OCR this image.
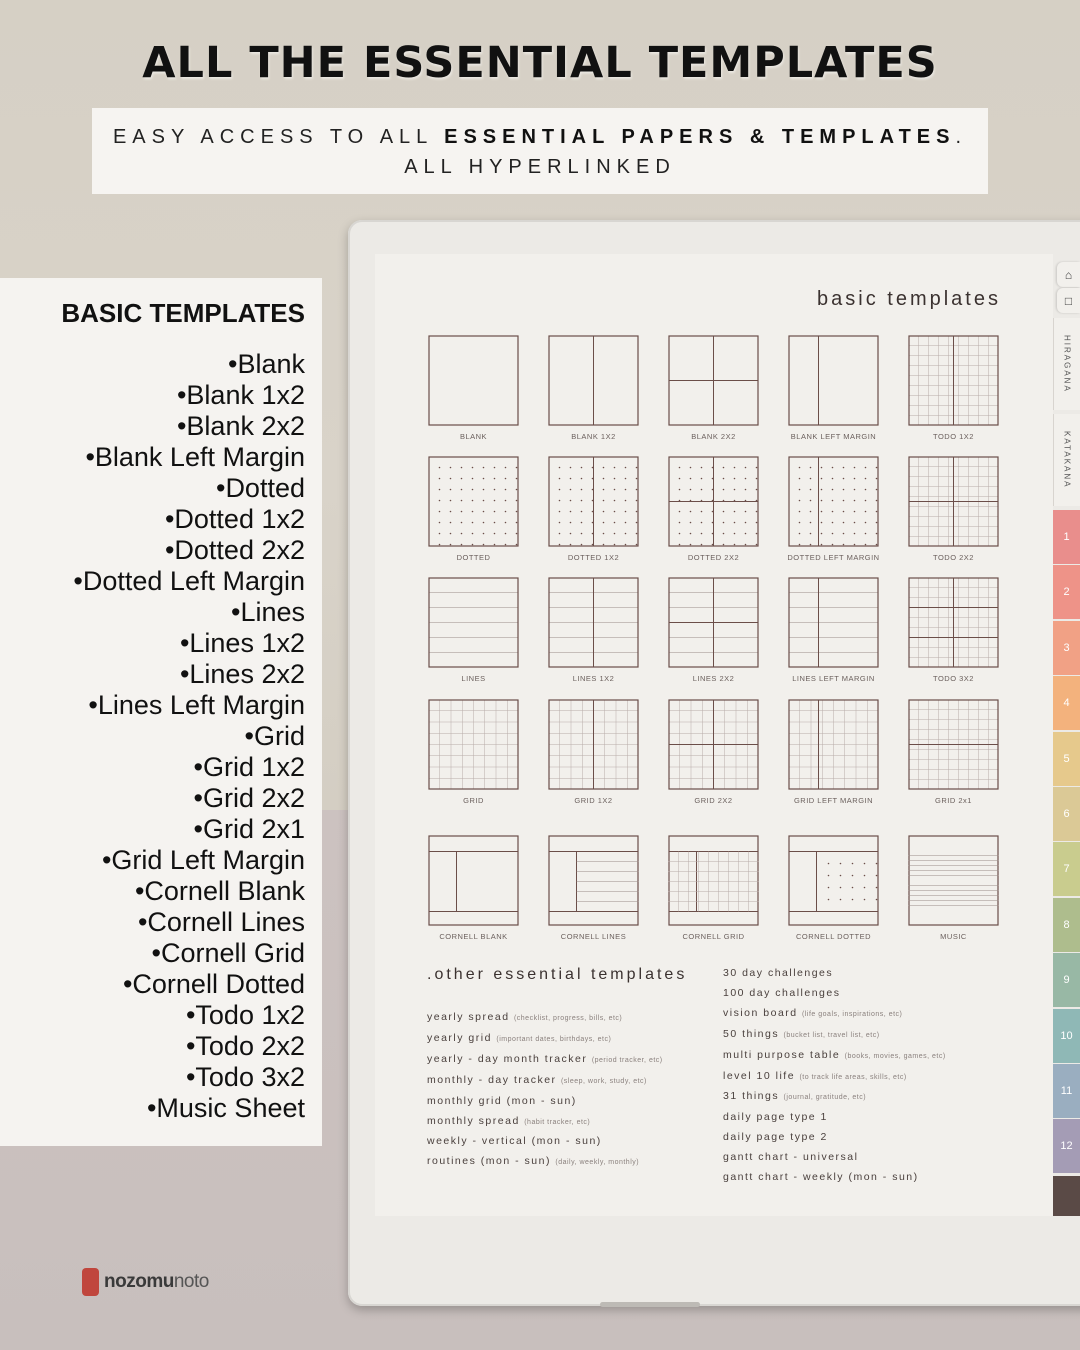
ALL THE ESSENTIAL TEMPLATES
EASY ACCESS TO ALL ESSENTIAL PAPERS & TEMPLATES.
ALL HYPERLINKED
BASIC TEMPLATES
• Blank
• Blank 1x2
• Blank 2x2
• Blank Left Margin
• Dotted
• Dotted 1x2
• Dotted 2x2
• Dotted Left Margin
• Lines
• Lines 1x2
• Lines 2x2
• Lines Left Margin
• Grid
• Grid 1x2
• Grid 2x2
• Grid 2x1
• Grid Left Margin
• Cornell Blank
• Cornell Lines
• Cornell Grid
• Cornell Dotted
• Todo 1x2
• Todo 2x2
• Todo 3x2
• Music Sheet
nozomunoto
basic templates
.other essential templates
yearly spread (checklist, progress, bills, etc)
yearly grid (important dates, birthdays, etc)
yearly - day month tracker (period tracker, etc)
monthly - day tracker (sleep, work, study, etc)
monthly grid (mon - sun)
monthly spread (habit tracker, etc)
weekly - vertical (mon - sun)
routines (mon - sun) (daily, weekly, monthly)
30 day challenges
100 day challenges
vision board (life goals, inspirations, etc)
50 things (bucket list, travel list, etc)
multi purpose table (books, movies, games, etc)
level 10 life (to track life areas, skills, etc)
31 things (journal, gratitude, etc)
daily page type 1
daily page type 2
gantt chart - universal
gantt chart - weekly (mon - sun)
BLANK	BLANK 1X2	BLANK 2X2	BLANK LEFT MARGIN	TODO 1X2
DOTTED	DOTTED 1X2	DOTTED 2X2	DOTTED LEFT MARGIN	TODO 2X2
LINES	LINES 1X2	LINES 2X2	LINES LEFT MARGIN	TODO 3X2
GRID	GRID 1X2	GRID 2X2	GRID LEFT MARGIN	GRID 2x1
CORNELL BLANK	CORNELL LINES	CORNELL GRID	CORNELL DOTTED	MUSIC
⌂
□
HIRAGANA
KATAKANA
1
2
3
4
5
6
7
8
9
10
11
12
